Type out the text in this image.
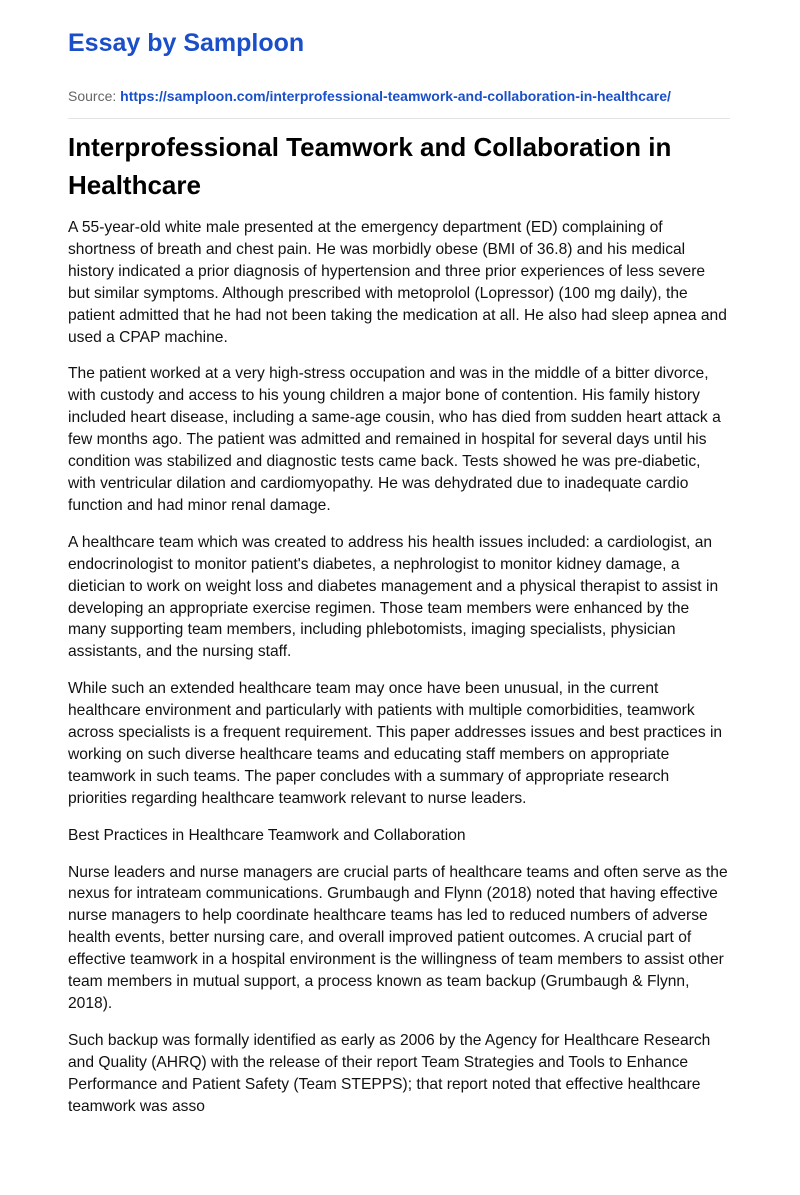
Essay by Samploon
Source: https://samploon.com/interprofessional-teamwork-and-collaboration-in-healthcare/
Interprofessional Teamwork and Collaboration in Healthcare

A 55-year-old white male presented at the emergency department (ED) complaining of shortness of breath and chest pain. He was morbidly obese (BMI of 36.8) and his medical history indicated a prior diagnosis of hypertension and three prior experiences of less severe but similar symptoms. Although prescribed with metoprolol (Lopressor) (100 mg daily), the patient admitted that he had not been taking the medication at all. He also had sleep apnea and used a CPAP machine.

The patient worked at a very high-stress occupation and was in the middle of a bitter divorce, with custody and access to his young children a major bone of contention. His family history included heart disease, including a same-age cousin, who has died from sudden heart attack a few months ago. The patient was admitted and remained in hospital for several days until his condition was stabilized and diagnostic tests came back. Tests showed he was pre-diabetic, with ventricular dilation and cardiomyopathy. He was dehydrated due to inadequate cardio function and had minor renal damage.

A healthcare team which was created to address his health issues included: a cardiologist, an endocrinologist to monitor patient's diabetes, a nephrologist to monitor kidney damage, a dietician to work on weight loss and diabetes management and a physical therapist to assist in developing an appropriate exercise regimen. Those team members were enhanced by the many supporting team members, including phlebotomists, imaging specialists, physician assistants, and the nursing staff.

While such an extended healthcare team may once have been unusual, in the current healthcare environment and particularly with patients with multiple comorbidities, teamwork across specialists is a frequent requirement. This paper addresses issues and best practices in working on such diverse healthcare teams and educating staff members on appropriate teamwork in such teams. The paper concludes with a summary of appropriate research priorities regarding healthcare teamwork relevant to nurse leaders.

Best Practices in Healthcare Teamwork and Collaboration

Nurse leaders and nurse managers are crucial parts of healthcare teams and often serve as the nexus for intrateam communications. Grumbaugh and Flynn (2018) noted that having effective nurse managers to help coordinate healthcare teams has led to reduced numbers of adverse health events, better nursing care, and overall improved patient outcomes. A crucial part of effective teamwork in a hospital environment is the willingness of team members to assist other team members in mutual support, a process known as team backup (Grumbaugh & Flynn, 2018).

Such backup was formally identified as early as 2006 by the Agency for Healthcare Research and Quality (AHRQ) with the release of their report Team Strategies and Tools to Enhance Performance and Patient Safety (Team STEPPS); that report noted that effective healthcare teamwork was asso
